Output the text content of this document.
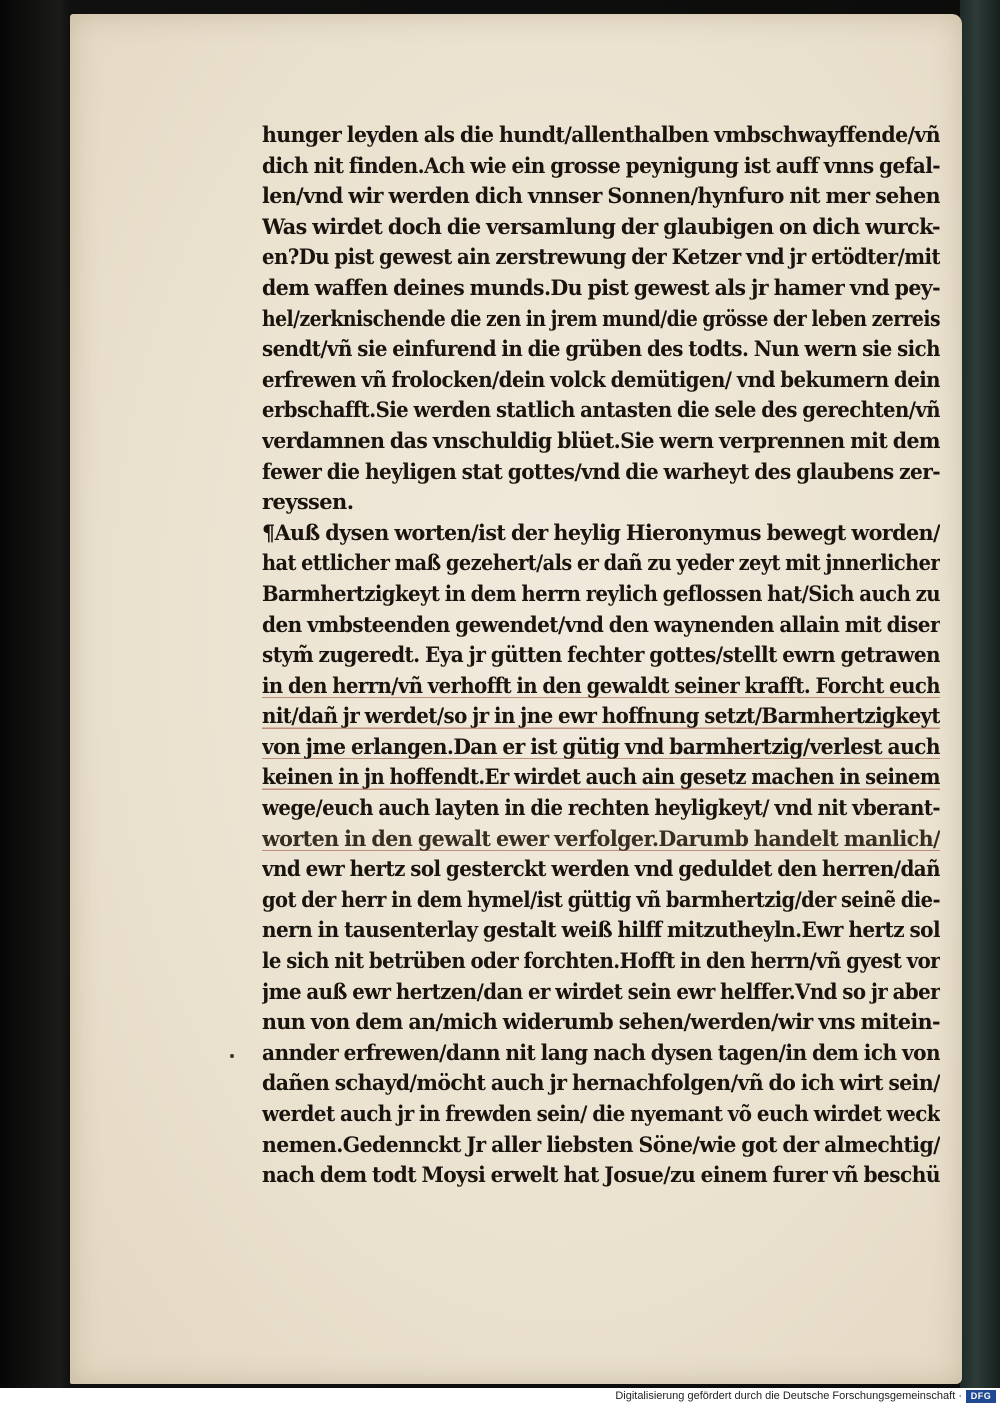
hunger leyden als die hundt/allenthalben vmbschwayffende/vñ
dich nit finden.Ach wie ein grosse peynigung ist auff vnns gefal-
len/vnd wir werden dich vnnser Sonnen/hynfuro nit mer sehen
Was wirdet doch die versamlung der glaubigen on dich wurck-
en?Du pist gewest ain zerstrewung der Ketzer vnd jr ertödter/mit
dem waffen deines munds.Du pist gewest als jr hamer vnd pey-
hel/zerknischende die zen in jrem mund/die grösse der leben zerreis
sendt/vñ sie einfurend in die grüben des todts. Nun wern sie sich
erfrewen vñ frolocken/dein volck demütigen/ vnd bekumern dein
erbschafft.Sie werden statlich antasten die sele des gerechten/vñ
verdamnen das vnschuldig blüet.Sie wern verprennen mit dem
fewer die heyligen stat gottes/vnd die warheyt des glaubens zer-
reyssen.
¶Auß dysen worten/ist der heylig Hieronymus bewegt worden/
hat ettlicher maß gezehert/als er dañ zu yeder zeyt mit jnnerlicher
Barmhertzigkeyt in dem herrn reylich geflossen hat/Sich auch zu
den vmbsteenden gewendet/vnd den waynenden allain mit diser
stym̃ zugeredt. Eya jr gütten fechter gottes/stellt ewrn getrawen
in den herrn/vñ verhofft in den gewaldt seiner krafft. Forcht euch
nit/dañ jr werdet/so jr in jne ewr hoffnung setzt/Barmhertzigkeyt
von jme erlangen.Dan er ist gütig vnd barmhertzig/verlest auch
keinen in jn hoffendt.Er wirdet auch ain gesetz machen in seinem
wege/euch auch layten in die rechten heyligkeyt/ vnd nit vberant-
worten in den gewalt ewer verfolger.Darumb handelt manlich/
vnd ewr hertz sol gesterckt werden vnd geduldet den herren/dañ
got der herr in dem hymel/ist güttig vñ barmhertzig/der seinẽ die-
nern in tausenterlay gestalt weiß hilff mitzutheyln.Ewr hertz sol
le sich nit betrüben oder forchten.Hofft in den herrn/vñ gyest vor
jme auß ewr hertzen/dan er wirdet sein ewr helffer.Vnd so jr aber
nun von dem an/mich widerumb sehen/werden/wir vns mitein-
annder erfrewen/dann nit lang nach dysen tagen/in dem ich von
dañen schayd/möcht auch jr hernachfolgen/vñ do ich wirt sein/
werdet auch jr in frewden sein/ die nyemant võ euch wirdet weck
nemen.Gedennckt Jr aller liebsten Söne/wie got der almechtig/
nach dem todt Moysi erwelt hat Josue/zu einem furer vñ beschü
Digitalisierung gefördert durch die Deutsche Forschungsgemeinschaft · DFG
